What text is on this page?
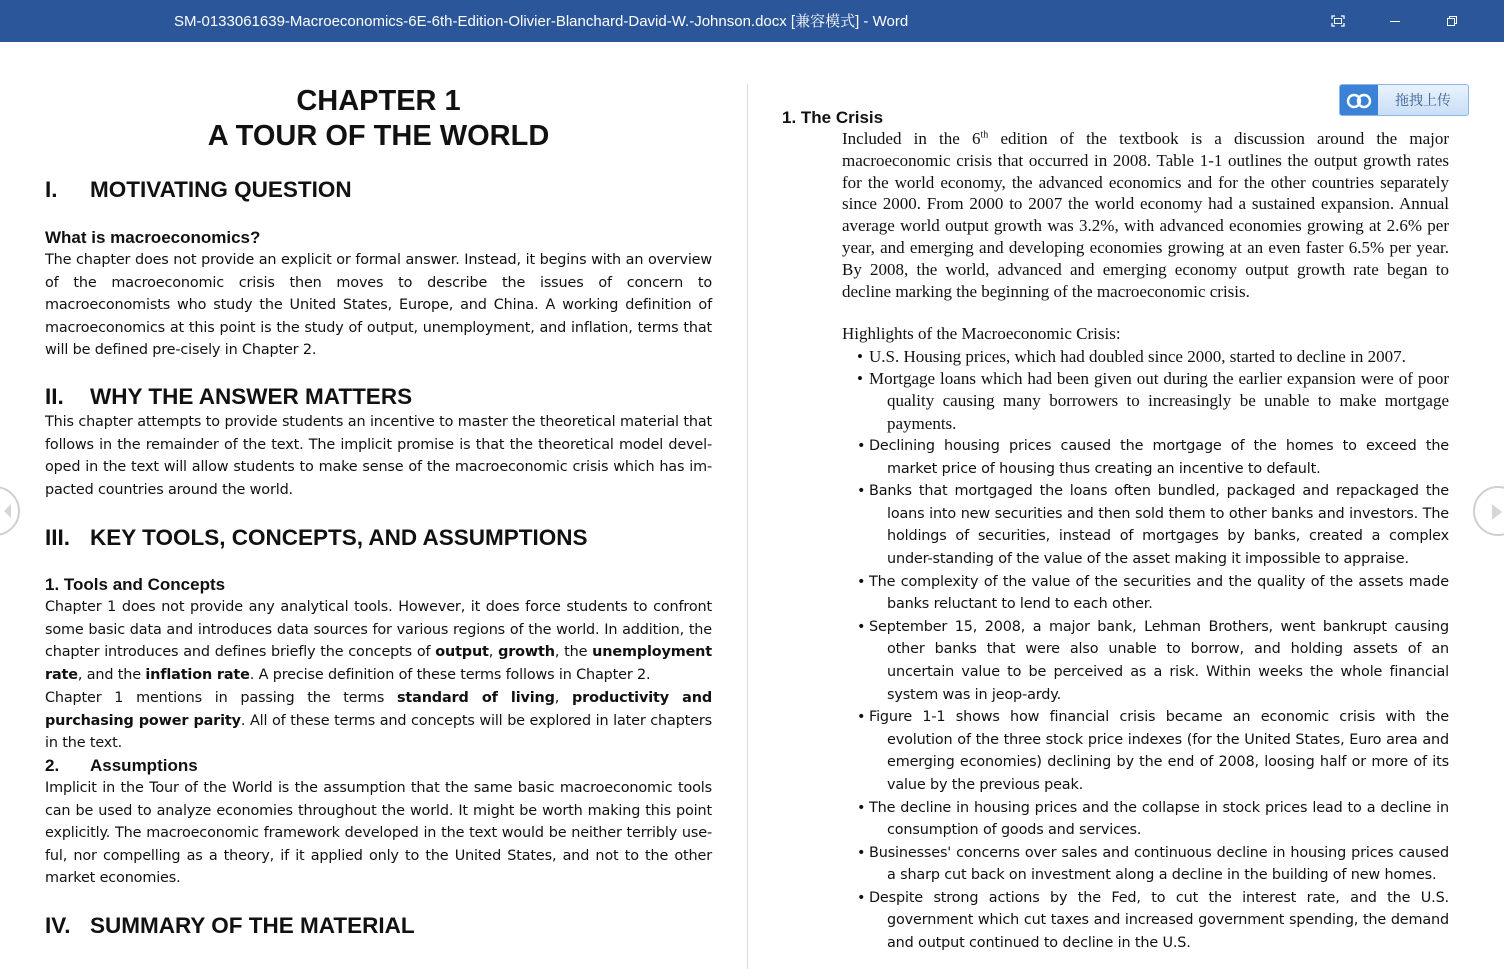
SM-0133061639-Macroeconomics-6E-6th-Edition-Olivier-Blanchard-David-W.-Johnson.docx [兼容模式] - Word
CHAPTER 1
A TOUR OF THE WORLD
I. MOTIVATING QUESTION
What is macroeconomics?
The chapter does not provide an explicit or formal answer. Instead, it begins with an overview of the macroeconomic crisis then moves to describe the issues of concern to macroeconomists who study the United States, Europe, and China. A working definition of macroeconomics at this point is the study of output, unemployment, and inflation, terms that will be defined pre-cisely in Chapter 2.
II. WHY THE ANSWER MATTERS
This chapter attempts to provide students an incentive to master the theoretical material that follows in the remainder of the text. The implicit promise is that the theoretical model devel-oped in the text will allow students to make sense of the macroeconomic crisis which has im-pacted countries around the world.
III. KEY TOOLS, CONCEPTS, AND ASSUMPTIONS
1. Tools and Concepts
Chapter 1 does not provide any analytical tools. However, it does force students to confront some basic data and introduces data sources for various regions of the world. In addition, the chapter introduces and defines briefly the concepts of output, growth, the unemployment rate, and the inflation rate. A precise definition of these terms follows in Chapter 2.
Chapter 1 mentions in passing the terms standard of living, productivity and purchasing power parity. All of these terms and concepts will be explored in later chapters in the text.
2. Assumptions
Implicit in the Tour of the World is the assumption that the same basic macroeconomic tools can be used to analyze economies throughout the world. It might be worth making this point explicitly. The macroeconomic framework developed in the text would be neither terribly use-ful, nor compelling as a theory, if it applied only to the United States, and not to the other market economies.
IV. SUMMARY OF THE MATERIAL
1. The Crisis
Included in the 6th edition of the textbook is a discussion around the major macroeconomic crisis that occurred in 2008. Table 1-1 outlines the output growth rates for the world economy, the advanced economics and for the other countries separately since 2000. From 2000 to 2007 the world economy had a sustained expansion. Annual average world output growth was 3.2%, with advanced economies growing at 2.6% per year, and emerging and developing economies growing at an even faster 6.5% per year. By 2008, the world, advanced and emerging economy output growth rate began to decline marking the beginning of the macroeconomic crisis.
Highlights of the Macroeconomic Crisis:
• U.S. Housing prices, which had doubled since 2000, started to decline in 2007.
• Mortgage loans which had been given out during the earlier expansion were of poor quality causing many borrowers to increasingly be unable to make mortgage payments.
• Declining housing prices caused the mortgage of the homes to exceed the market price of housing thus creating an incentive to default.
• Banks that mortgaged the loans often bundled, packaged and repackaged the loans into new securities and then sold them to other banks and investors. The holdings of securities, instead of mortgages by banks, created a complex under-standing of the value of the asset making it impossible to appraise.
• The complexity of the value of the securities and the quality of the assets made banks reluctant to lend to each other.
• September 15, 2008, a major bank, Lehman Brothers, went bankrupt causing other banks that were also unable to borrow, and holding assets of an uncertain value to be perceived as a risk. Within weeks the whole financial system was in jeop-ardy.
• Figure 1-1 shows how financial crisis became an economic crisis with the evolution of the three stock price indexes (for the United States, Euro area and emerging economies) declining by the end of 2008, loosing half or more of its value by the previous peak.
• The decline in housing prices and the collapse in stock prices lead to a decline in consumption of goods and services.
• Businesses' concerns over sales and continuous decline in housing prices caused a sharp cut back on investment along a decline in the building of new homes.
• Despite strong actions by the Fed, to cut the interest rate, and the U.S. government which cut taxes and increased government spending, the demand and output continued to decline in the U.S.
拖拽上传
